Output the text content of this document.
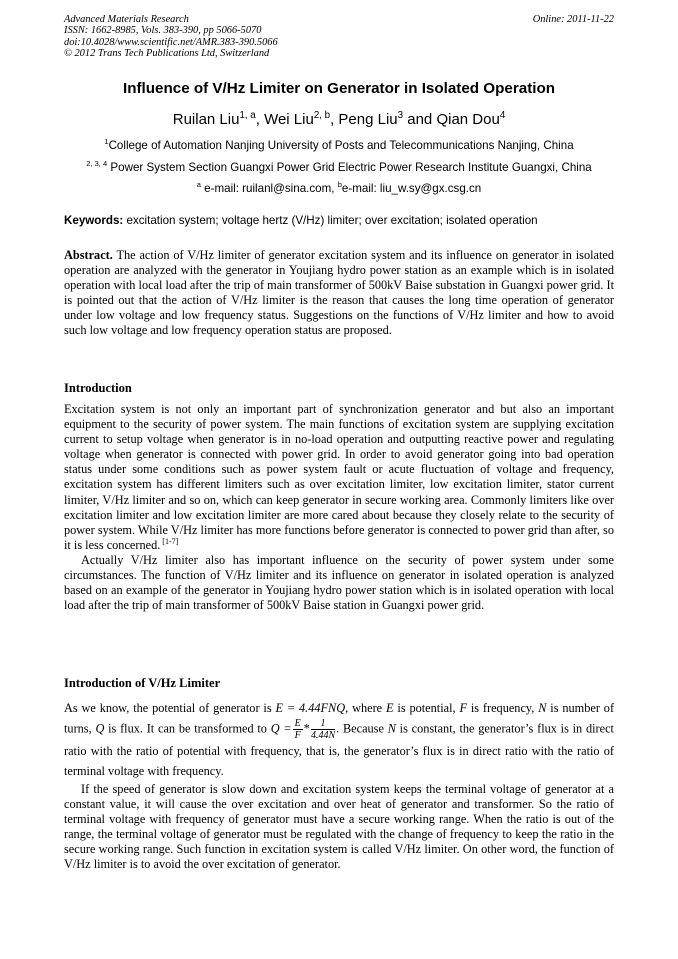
Advanced Materials Research
ISSN: 1662-8985, Vols. 383-390, pp 5066-5070
doi:10.4028/www.scientific.net/AMR.383-390.5066
© 2012 Trans Tech Publications Ltd, Switzerland
Online: 2011-11-22
Influence of V/Hz Limiter on Generator in Isolated Operation
Ruilan Liu$^{1, a}$, Wei Liu$^{2, b}$, Peng Liu$^3$ and Qian Dou$^4$
$^1$College of Automation Nanjing University of Posts and Telecommunications Nanjing, China
$^{2, 3, 4}$ Power System Section Guangxi Power Grid Electric Power Research Institute Guangxi, China
$^a$ e-mail: ruilanl@sina.com, $^b$e-mail: liu_w.sy@gx.csg.cn
Keywords: excitation system; voltage hertz (V/Hz) limiter; over excitation; isolated operation

Abstract. The action of V/Hz limiter of generator excitation system and its influence on generator in isolated operation are analyzed with the generator in Youjiang hydro power station as an example which is in isolated operation with local load after the trip of main transformer of 500kV Baise substation in Guangxi power grid. It is pointed out that the action of V/Hz limiter is the reason that causes the long time operation of generator under low voltage and low frequency status. Suggestions on the functions of V/Hz limiter and how to avoid such low voltage and low frequency operation status are proposed.

Introduction

Excitation system is not only an important part of synchronization generator and but also an important equipment to the security of power system. The main functions of excitation system are supplying excitation current to setup voltage when generator is in no-load operation and outputting reactive power and regulating voltage when generator is connected with power grid. In order to avoid generator going into bad operation status under some conditions such as power system fault or acute fluctuation of voltage and frequency, excitation system has different limiters such as over excitation limiter, low excitation limiter, stator current limiter, V/Hz limiter and so on, which can keep generator in secure working area. Commonly limiters like over excitation limiter and low excitation limiter are more cared about because they closely relate to the security of power system. While V/Hz limiter has more functions before generator is connected to power grid than after, so it is less concerned. [1-7]

Actually V/Hz limiter also has important influence on the security of power system under some circumstances. The function of V/Hz limiter and its influence on generator in isolated operation is analyzed based on an example of the generator in Youjiang hydro power station which is in isolated operation with local load after the trip of main transformer of 500kV Baise station in Guangxi power grid.

Introduction of V/Hz Limiter

As we know, the potential of generator is E = 4.44FNQ, where E is potential, F is frequency, N is number of turns, Q is flux. It can be transformed to $Q = \frac{E}{F} * \frac{1}{4.44N}$ . Because N is constant, the generator’s flux is in direct ratio with the ratio of potential with frequency, that is, the generator’s flux is in direct ratio with the ratio of terminal voltage with frequency.

If the speed of generator is slow down and excitation system keeps the terminal voltage of generator at a constant value, it will cause the over excitation and over heat of generator and transformer. So the ratio of terminal voltage with frequency of generator must have a secure working range. When the ratio is out of the range, the terminal voltage of generator must be regulated with the change of frequency to keep the ratio in the secure working range. Such function in excitation system is called V/Hz limiter. On other word, the function of V/Hz limiter is to avoid the over excitation of generator.
